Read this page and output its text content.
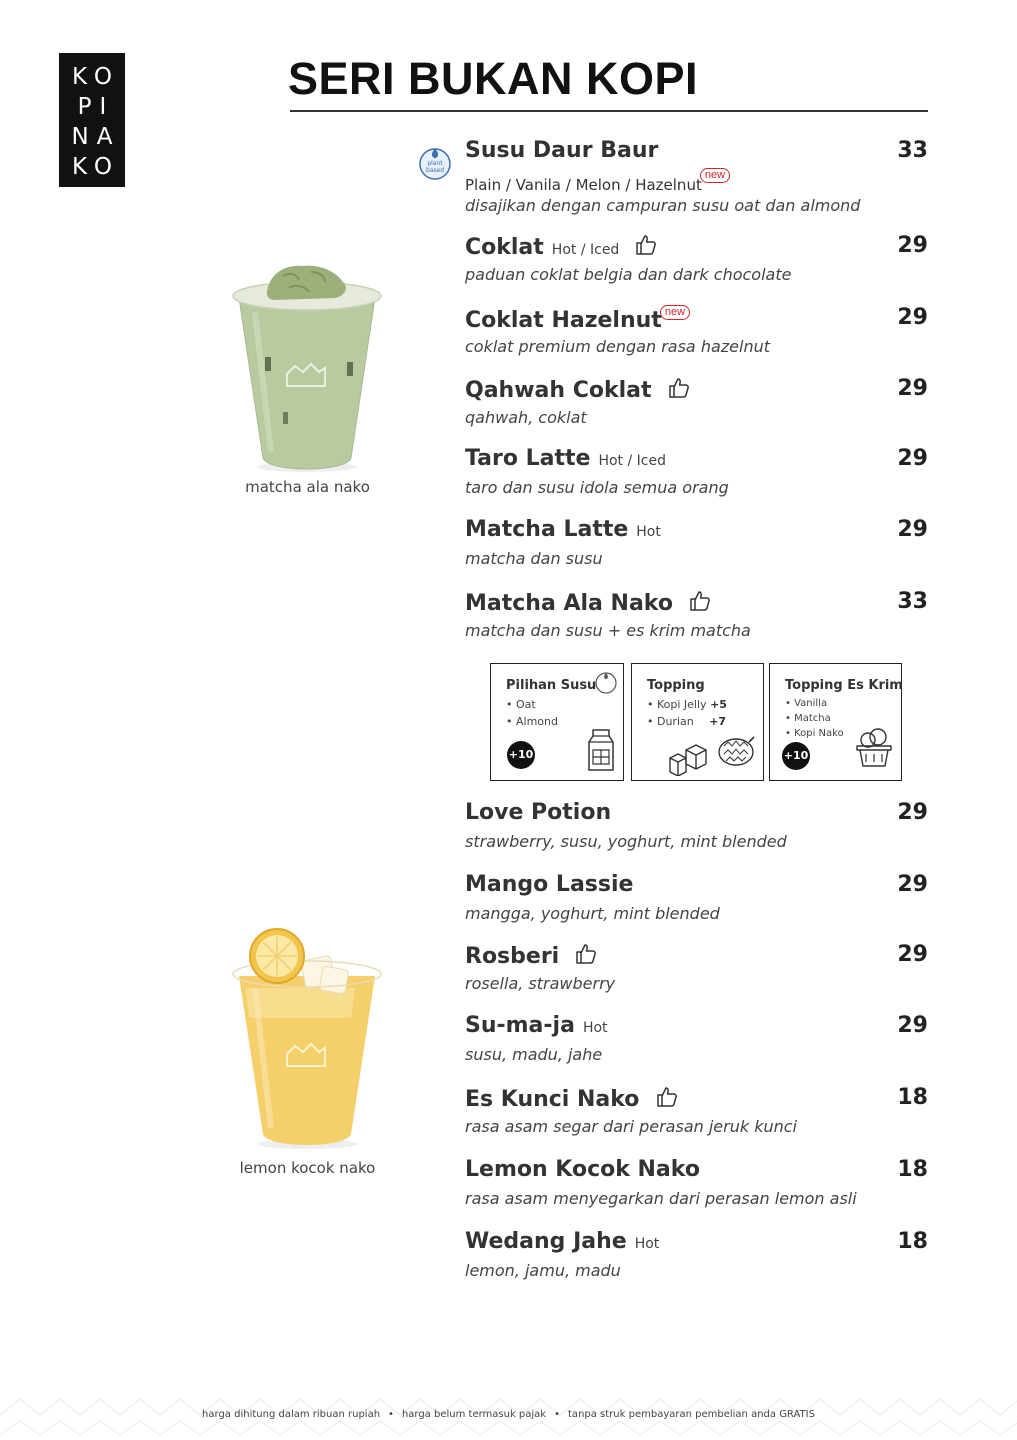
KO
PI
NA
KO
SERI BUKAN KOPI
plant
based
Susu Daur Baur	33
Plain / Vanila / Melon / Hazelnutnew
disajikan dengan campuran susu oat dan almond
Coklat Hot / Iced	29
paduan coklat belgia dan dark chocolate
Coklat Hazelnut new	29
coklat premium dengan rasa hazelnut
Qahwah Coklat	29
qahwah, coklat
Taro Latte Hot / Iced	29
taro dan susu idola semua orang
Matcha Latte Hot	29
matcha dan susu
Matcha Ala Nako	33
matcha dan susu + es krim matcha
Pilihan Susu
• Oat
• Almond
+10
Topping
• Kopi Jelly +5
• Durian +7
Topping Es Krim
• Vanilla
• Matcha
• Kopi Nako
+10
Love Potion	29
strawberry, susu, yoghurt, mint blended
Mango Lassie	29
mangga, yoghurt, mint blended
Rosberi	29
rosella, strawberry
Su-ma-ja Hot	29
susu, madu, jahe
Es Kunci Nako	18
rasa asam segar dari perasan jeruk kunci
Lemon Kocok Nako	18
rasa asam menyegarkan dari perasan lemon asli
Wedang Jahe Hot	18
lemon, jamu, madu
matcha ala nako
lemon kocok nako
harga dihitung dalam ribuan rupiah • harga belum termasuk pajak • tanpa struk pembayaran pembelian anda GRATIS
